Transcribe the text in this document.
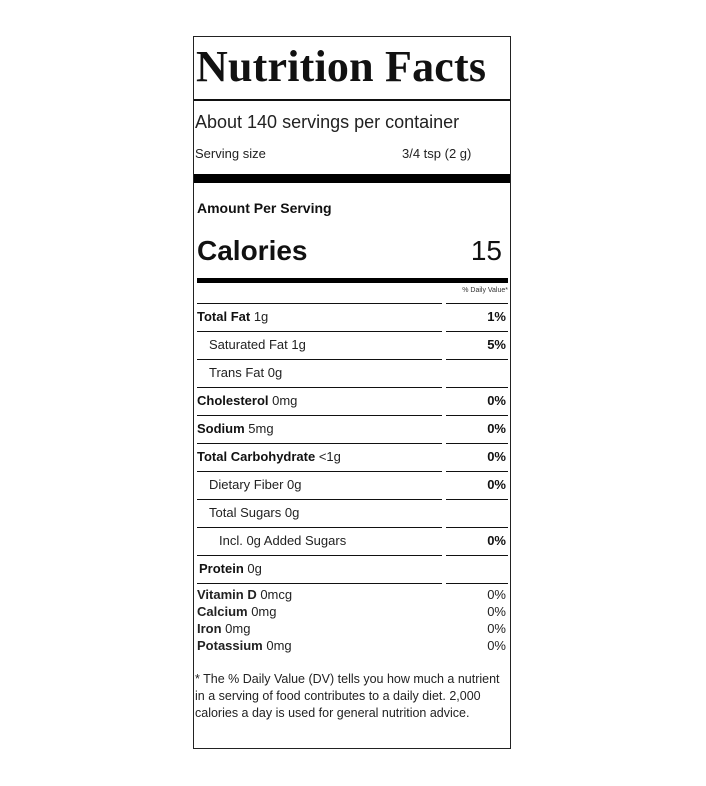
Nutrition Facts
About 140 servings per container
Serving size	3/4 tsp (2 g)
Amount Per Serving
Calories	15
% Daily Value*
Total Fat 1g	1%
Saturated Fat 1g	5%
Trans Fat 0g
Cholesterol 0mg	0%
Sodium 5mg	0%
Total Carbohydrate <1g	0%
Dietary Fiber 0g	0%
Total Sugars 0g
Incl. 0g Added Sugars	0%
Protein 0g
Vitamin D 0mcg	0%
Calcium 0mg	0%
Iron 0mg	0%
Potassium 0mg	0%
* The % Daily Value (DV) tells you how much a nutrient in a serving of food contributes to a daily diet. 2,000 calories a day is used for general nutrition advice.
